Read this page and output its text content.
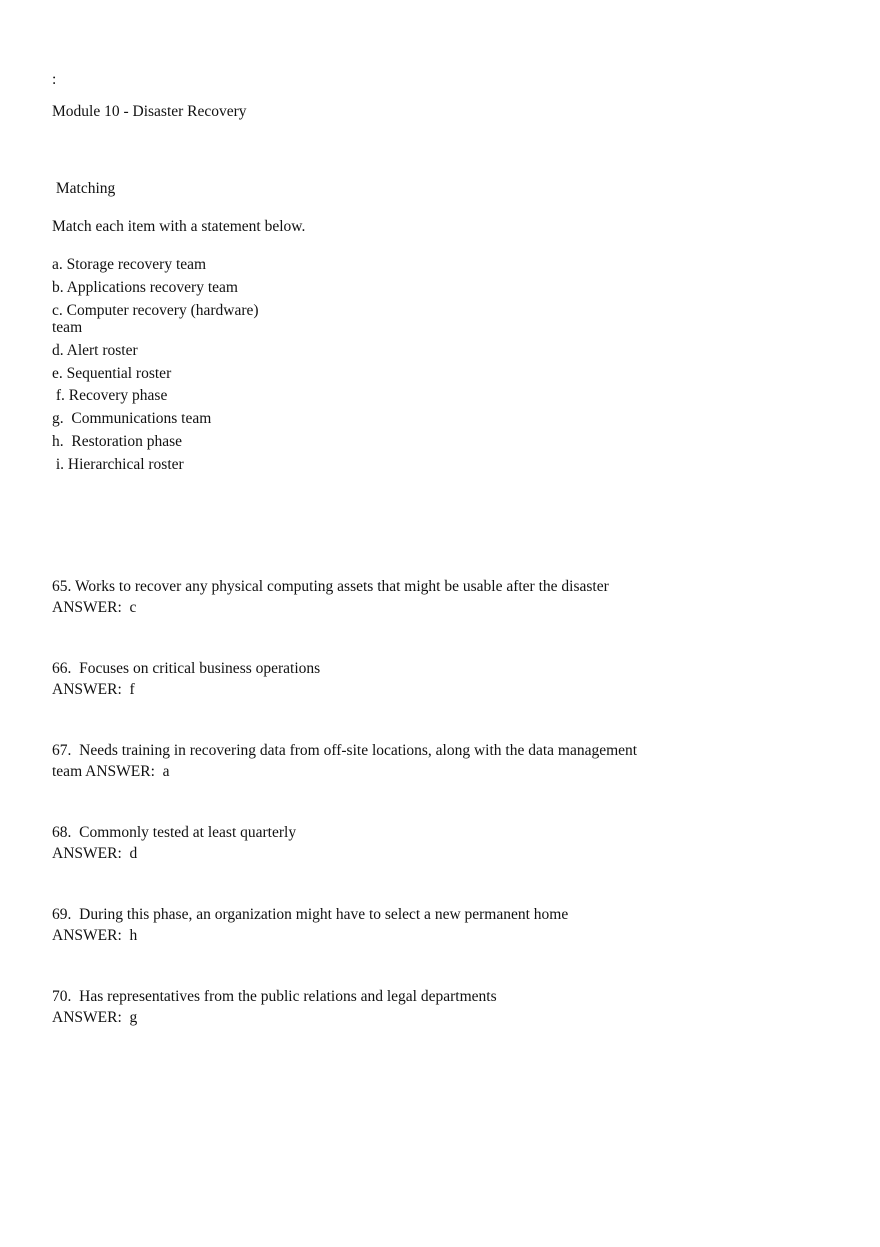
:

Module 10 - Disaster Recovery

Matching

Match each item with a statement below.

a. Storage recovery team

b. Applications recovery team

c. Computer recovery (hardware)

team

d. Alert roster

e. Sequential roster

f. Recovery phase

g.  Communications team

h.  Restoration phase

i. Hierarchical roster

65. Works to recover any physical computing assets that might be usable after the disaster

ANSWER:  c

66.  Focuses on critical business operations

ANSWER:  f

67.  Needs training in recovering data from off-site locations, along with the data management

team ANSWER:  a

68.  Commonly tested at least quarterly

ANSWER:  d

69.  During this phase, an organization might have to select a new permanent home

ANSWER:  h

70.  Has representatives from the public relations and legal departments

ANSWER:  g
